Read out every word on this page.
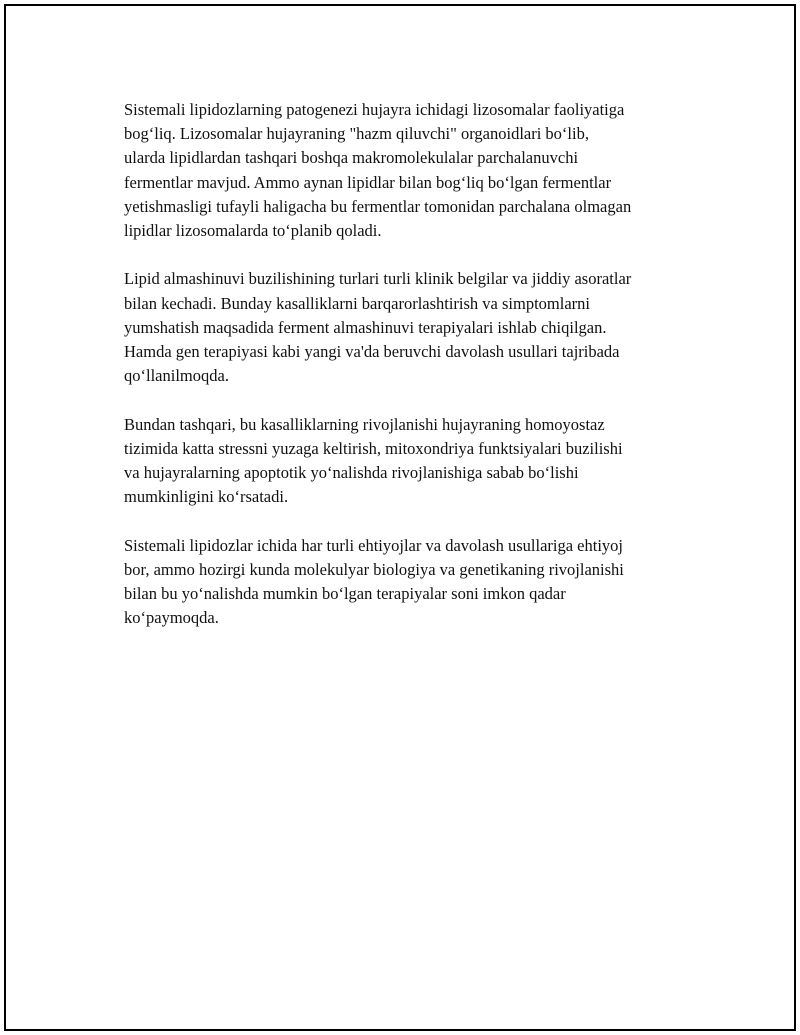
Sistemali lipidozlarning patogenezi hujayra ichidagi lizosomalar faoliyatiga
bog‘liq. Lizosomalar hujayraning "hazm qiluvchi" organoidlari bo‘lib,
ularda lipidlardan tashqari boshqa makromolekulalar parchalanuvchi
fermentlar mavjud. Ammo aynan lipidlar bilan bog‘liq bo‘lgan fermentlar
yetishmasligi tufayli haligacha bu fermentlar tomonidan parchalana olmagan
lipidlar lizosomalarda to‘planib qoladi.

Lipid almashinuvi buzilishining turlari turli klinik belgilar va jiddiy asoratlar
bilan kechadi. Bunday kasalliklarni barqarorlashtirish va simptomlarni
yumshatish maqsadida ferment almashinuvi terapiyalari ishlab chiqilgan.
Hamda gen terapiyasi kabi yangi va'da beruvchi davolash usullari tajribada
qo‘llanilmoqda.

Bundan tashqari, bu kasalliklarning rivojlanishi hujayraning homoyostaz
tizimida katta stressni yuzaga keltirish, mitoxondriya funktsiyalari buzilishi
va hujayralarning apoptotik yo‘nalishda rivojlanishiga sabab bo‘lishi
mumkinligini ko‘rsatadi.

Sistemali lipidozlar ichida har turli ehtiyojlar va davolash usullariga ehtiyoj
bor, ammo hozirgi kunda molekulyar biologiya va genetikaning rivojlanishi
bilan bu yo‘nalishda mumkin bo‘lgan terapiyalar soni imkon qadar
ko‘paymoqda.
